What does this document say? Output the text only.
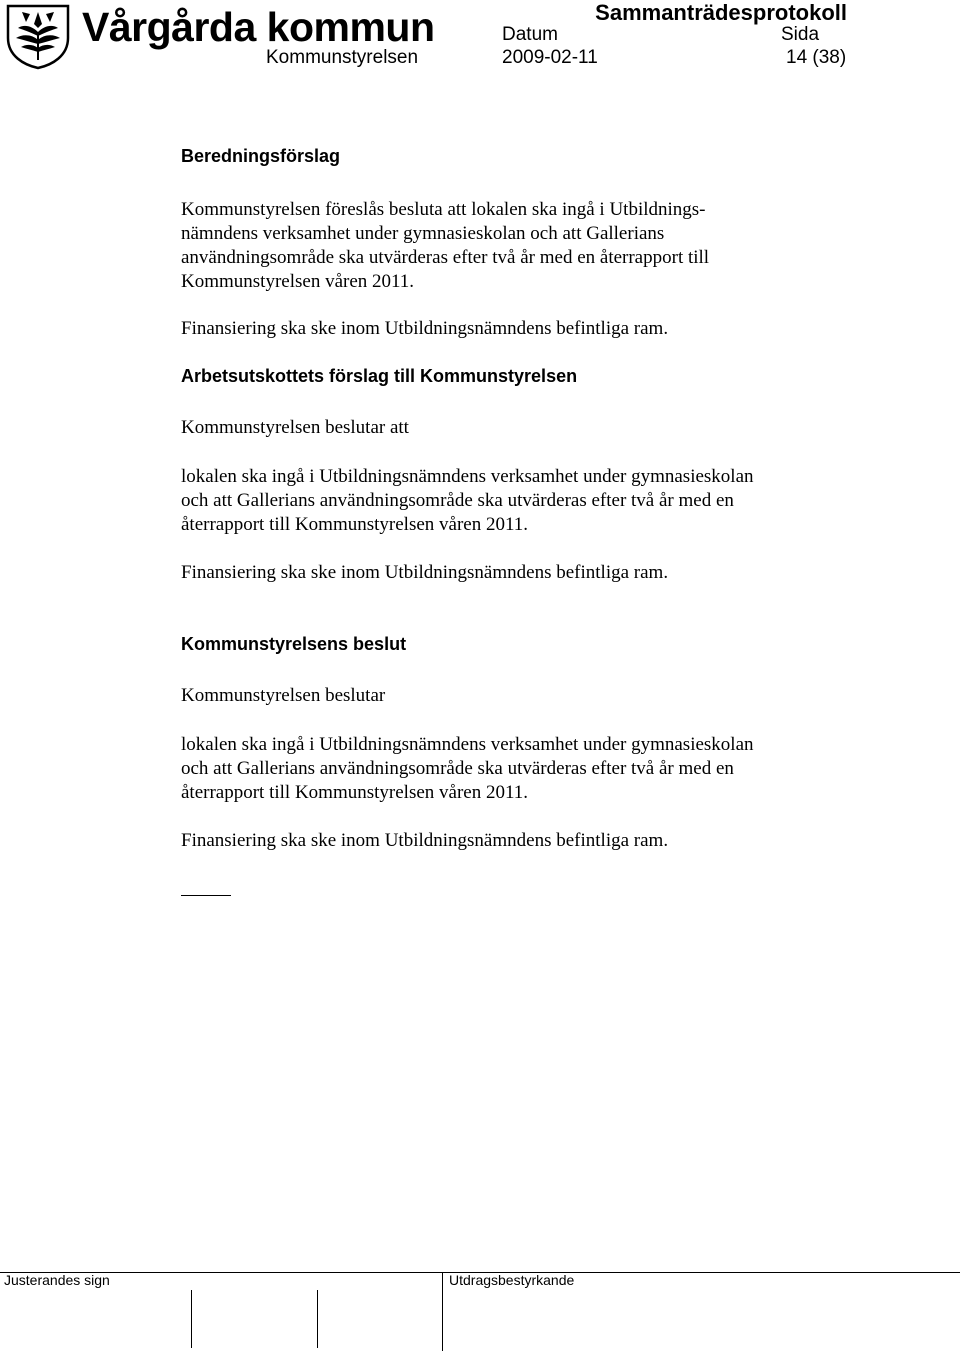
Vårgårda kommun
Kommunstyrelsen
Sammanträdesprotokoll
Datum	Sida
2009-02-11	14 (38)
Beredningsförslag
Kommunstyrelsen föreslås besluta att lokalen ska ingå i Utbildnings-
nämndens verksamhet under gymnasieskolan och att Gallerians
användningsområde ska utvärderas efter två år med en återrapport till
Kommunstyrelsen våren 2011.
Finansiering ska ske inom Utbildningsnämndens befintliga ram.
Arbetsutskottets förslag till Kommunstyrelsen
Kommunstyrelsen beslutar att
lokalen ska ingå i Utbildningsnämndens verksamhet under gymnasieskolan
och att Gallerians användningsområde ska utvärderas efter två år med en
återrapport till Kommunstyrelsen våren 2011.
Finansiering ska ske inom Utbildningsnämndens befintliga ram.
Kommunstyrelsens beslut
Kommunstyrelsen beslutar
lokalen ska ingå i Utbildningsnämndens verksamhet under gymnasieskolan
och att Gallerians användningsområde ska utvärderas efter två år med en
återrapport till Kommunstyrelsen våren 2011.
Finansiering ska ske inom Utbildningsnämndens befintliga ram.
Justerandes sign	Utdragsbestyrkande
